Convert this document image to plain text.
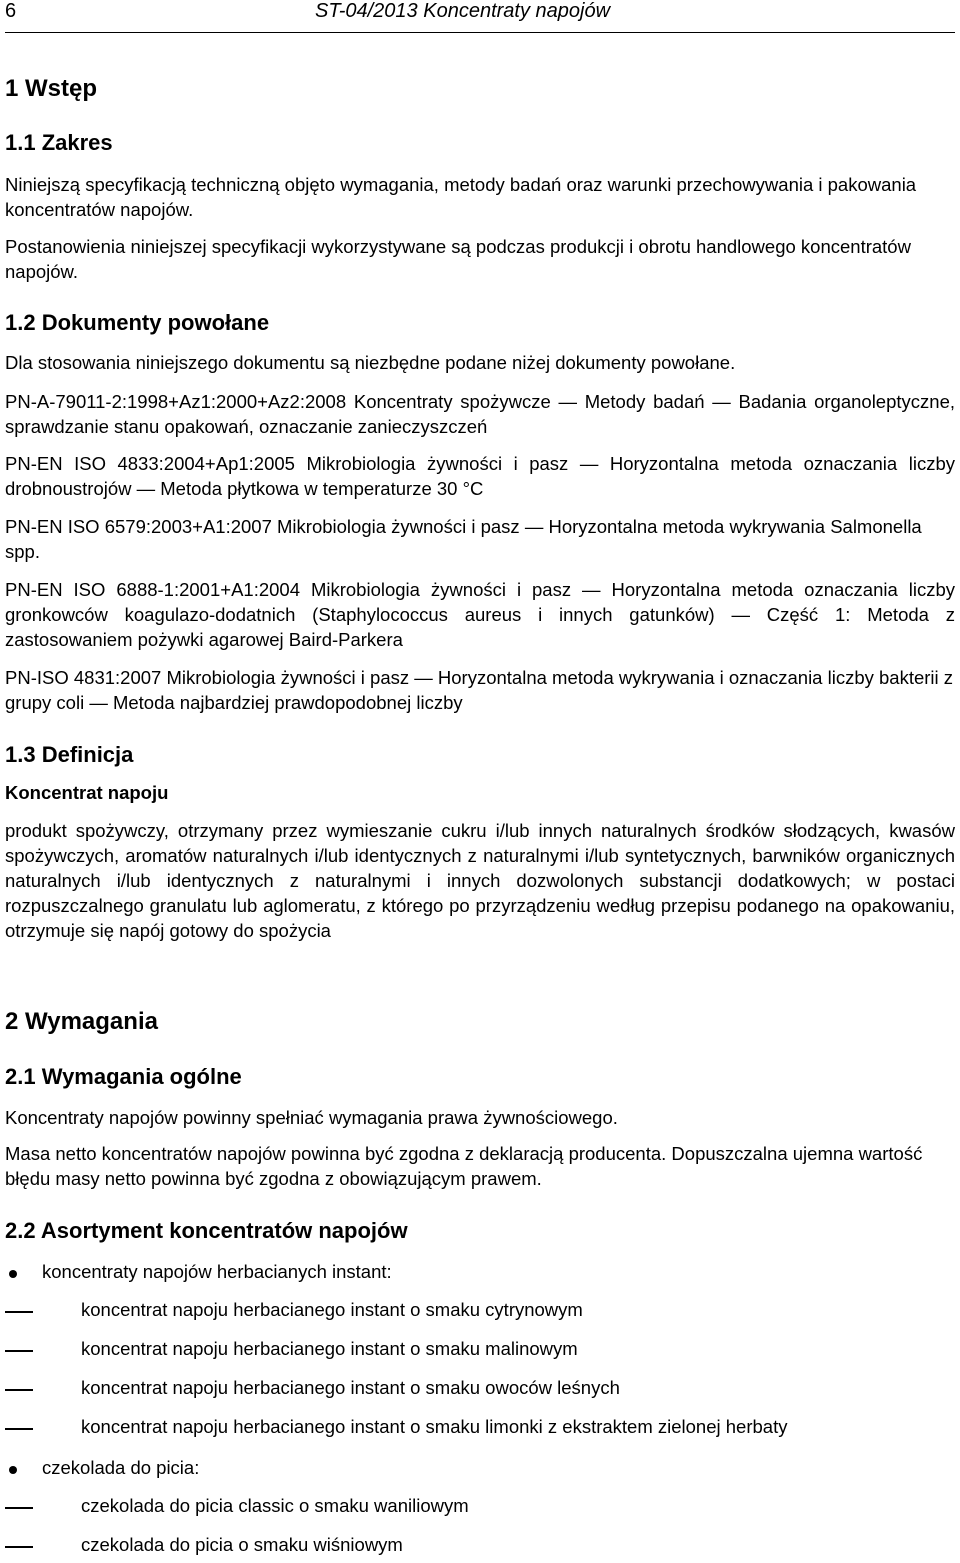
6	ST-04/2013 Koncentraty napojów
1 Wstęp
1.1 Zakres
Niniejszą specyfikacją techniczną objęto wymagania, metody badań oraz warunki przechowywania i pakowania koncentratów napojów.
Postanowienia niniejszej specyfikacji wykorzystywane są podczas produkcji i obrotu handlowego koncentratów napojów.
1.2 Dokumenty powołane
Dla stosowania niniejszego dokumentu są niezbędne podane niżej dokumenty powołane.
PN-A-79011-2:1998+Az1:2000+Az2:2008 Koncentraty spożywcze — Metody badań — Badania organoleptyczne, sprawdzanie stanu opakowań, oznaczanie zanieczyszczeń
PN-EN ISO 4833:2004+Ap1:2005 Mikrobiologia żywności i pasz — Horyzontalna metoda oznaczania liczby drobnoustrojów — Metoda płytkowa w temperaturze 30 °C
PN-EN ISO 6579:2003+A1:2007 Mikrobiologia żywności i pasz — Horyzontalna metoda wykrywania Salmonella spp.
PN-EN ISO 6888-1:2001+A1:2004 Mikrobiologia żywności i pasz — Horyzontalna metoda oznaczania liczby gronkowców koagulazo-dodatnich (Staphylococcus aureus i innych gatunków) — Część 1: Metoda z zastosowaniem pożywki agarowej Baird-Parkera
PN-ISO 4831:2007 Mikrobiologia żywności i pasz — Horyzontalna metoda wykrywania i oznaczania liczby bakterii z grupy coli — Metoda najbardziej prawdopodobnej liczby
1.3 Definicja
Koncentrat napoju
produkt spożywczy, otrzymany przez wymieszanie cukru i/lub innych naturalnych środków słodzących, kwasów spożywczych, aromatów naturalnych i/lub identycznych z naturalnymi i/lub syntetycznych, barwników organicznych naturalnych i/lub identycznych z naturalnymi i innych dozwolonych substancji dodatkowych; w postaci rozpuszczalnego granulatu lub aglomeratu, z którego po przyrządzeniu według przepisu podanego na opakowaniu, otrzymuje się napój gotowy do spożycia
2 Wymagania
2.1 Wymagania ogólne
Koncentraty napojów powinny spełniać wymagania prawa żywnościowego.
Masa netto koncentratów napojów powinna być zgodna z deklaracją producenta. Dopuszczalna ujemna wartość błędu masy netto powinna być zgodna z obowiązującym prawem.
2.2 Asortyment koncentratów napojów
koncentraty napojów herbacianych instant:
koncentrat napoju herbacianego instant o smaku cytrynowym
koncentrat napoju herbacianego instant o smaku malinowym
koncentrat napoju herbacianego instant o smaku owoców leśnych
koncentrat napoju herbacianego instant o smaku limonki z ekstraktem zielonej herbaty
czekolada do picia:
czekolada do picia classic o smaku waniliowym
czekolada do picia o smaku wiśniowym
